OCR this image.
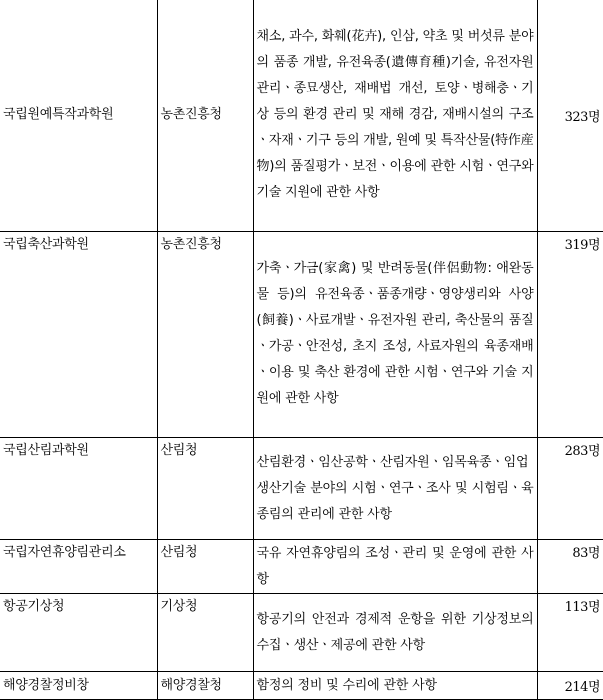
국립원예특작과학원	농촌진흥청	채소, 과수, 화훼(花卉), 인삼, 약초 및 버섯류 분야의 품종 개발, 유전육종(遺傳育種)기술, 유전자원 관리ㆍ종묘생산, 재배법 개선, 토양ㆍ병해충ㆍ기상 등의 환경 관리 및 재해 경감, 재배시설의 구조ㆍ자재ㆍ기구 등의 개발, 원예 및 특작산물(特作産物)의 품질평가ㆍ보전ㆍ이용에 관한 시험ㆍ연구와 기술 지원에 관한 사항	323명
국립축산과학원	농촌진흥청	가축ㆍ가금(家禽) 및 반려동물(伴侶動物: 애완동물 등)의 유전육종ㆍ품종개량ㆍ영양생리와 사양(飼養)ㆍ사료개발ㆍ유전자원 관리, 축산물의 품질ㆍ가공ㆍ안전성, 초지 조성, 사료자원의 육종재배ㆍ이용 및 축산 환경에 관한 시험ㆍ연구와 기술 지원에 관한 사항	319명
국립산림과학원	산림청	산림환경ㆍ임산공학ㆍ산림자원ㆍ임목육종ㆍ임업생산기술 분야의 시험ㆍ연구ㆍ조사 및 시험림ㆍ육종림의 관리에 관한 사항	283명
국립자연휴양림관리소	산림청	국유 자연휴양림의 조성ㆍ관리 및 운영에 관한 사항	83명
항공기상청	기상청	항공기의 안전과 경제적 운항을 위한 기상정보의 수집ㆍ생산ㆍ제공에 관한 사항	113명
해양경찰정비창	해양경찰청	함정의 정비 및 수리에 관한 사항	214명
